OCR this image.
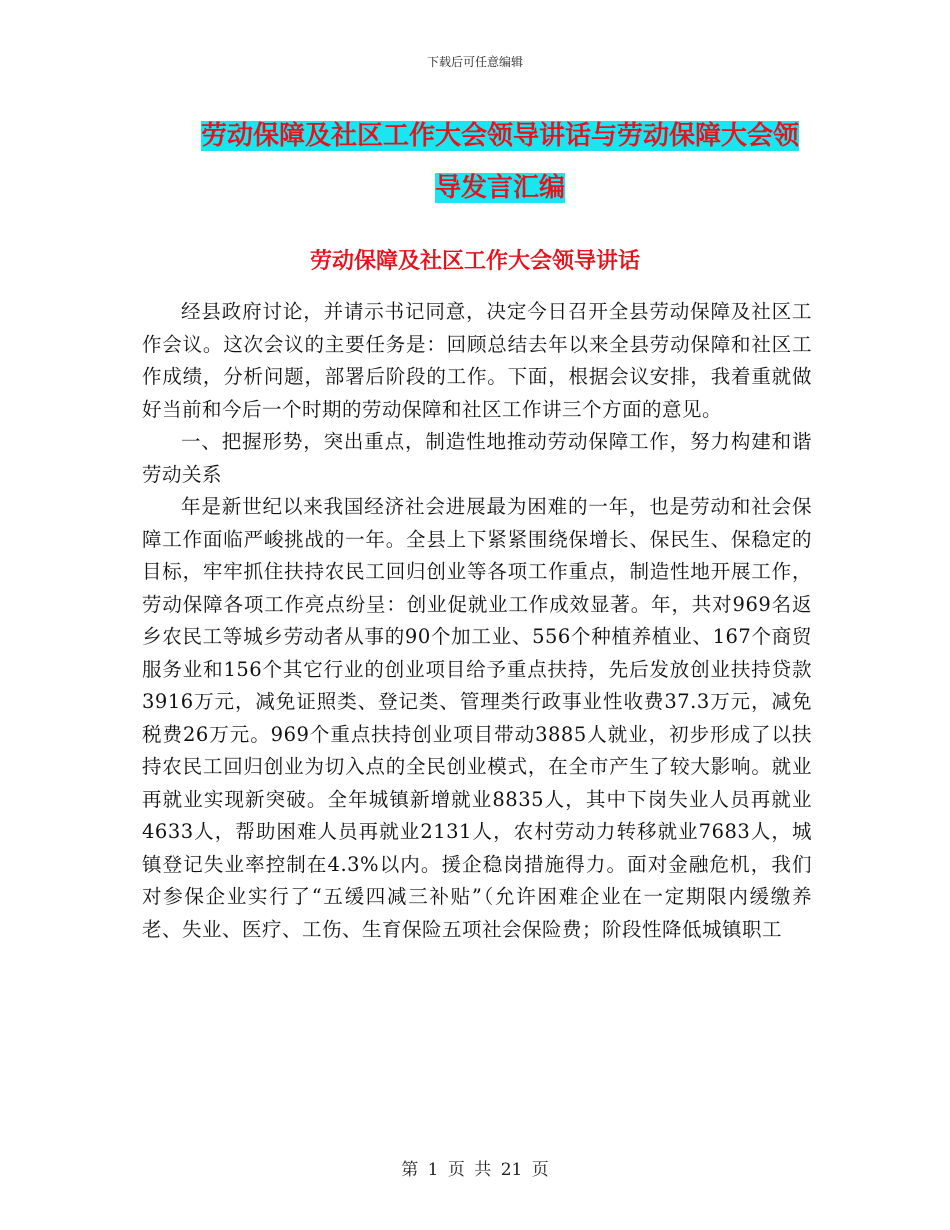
下载后可任意编辑
劳动保障及社区工作大会领导讲话与劳动保障大会领
导发言汇编
劳动保障及社区工作大会领导讲话

经县政府讨论，并请示书记同意，决定今日召开全县劳动保障及社区工作会议。这次会议的主要任务是：回顾总结去年以来全县劳动保障和社区工作成绩，分析问题，部署后阶段的工作。下面，根据会议安排，我着重就做好当前和今后一个时期的劳动保障和社区工作讲三个方面的意见。

一、把握形势，突出重点，制造性地推动劳动保障工作，努力构建和谐劳动关系

年是新世纪以来我国经济社会进展最为困难的一年，也是劳动和社会保障工作面临严峻挑战的一年。全县上下紧紧围绕保增长、保民生、保稳定的目标，牢牢抓住扶持农民工回归创业等各项工作重点，制造性地开展工作，劳动保障各项工作亮点纷呈：创业促就业工作成效显著。年，共对969名返乡农民工等城乡劳动者从事的90个加工业、556个种植养植业、167个商贸服务业和156个其它行业的创业项目给予重点扶持，先后发放创业扶持贷款3916万元，减免证照类、登记类、管理类行政事业性收费37.3万元，减免税费26万元。969个重点扶持创业项目带动3885人就业，初步形成了以扶持农民工回归创业为切入点的全民创业模式，在全市产生了较大影响。就业再就业实现新突破。全年城镇新增就业8835人，其中下岗失业人员再就业4633人，帮助困难人员再就业2131人，农村劳动力转移就业7683人，城镇登记失业率控制在4.3%以内。援企稳岗措施得力。面对金融危机，我们对参保企业实行了“五缓四减三补贴”（允许困难企业在一定期限内缓缴养老、失业、医疗、工伤、生育保险五项社会保险费；阶段性降低城镇职工

第 1 页 共 21 页
